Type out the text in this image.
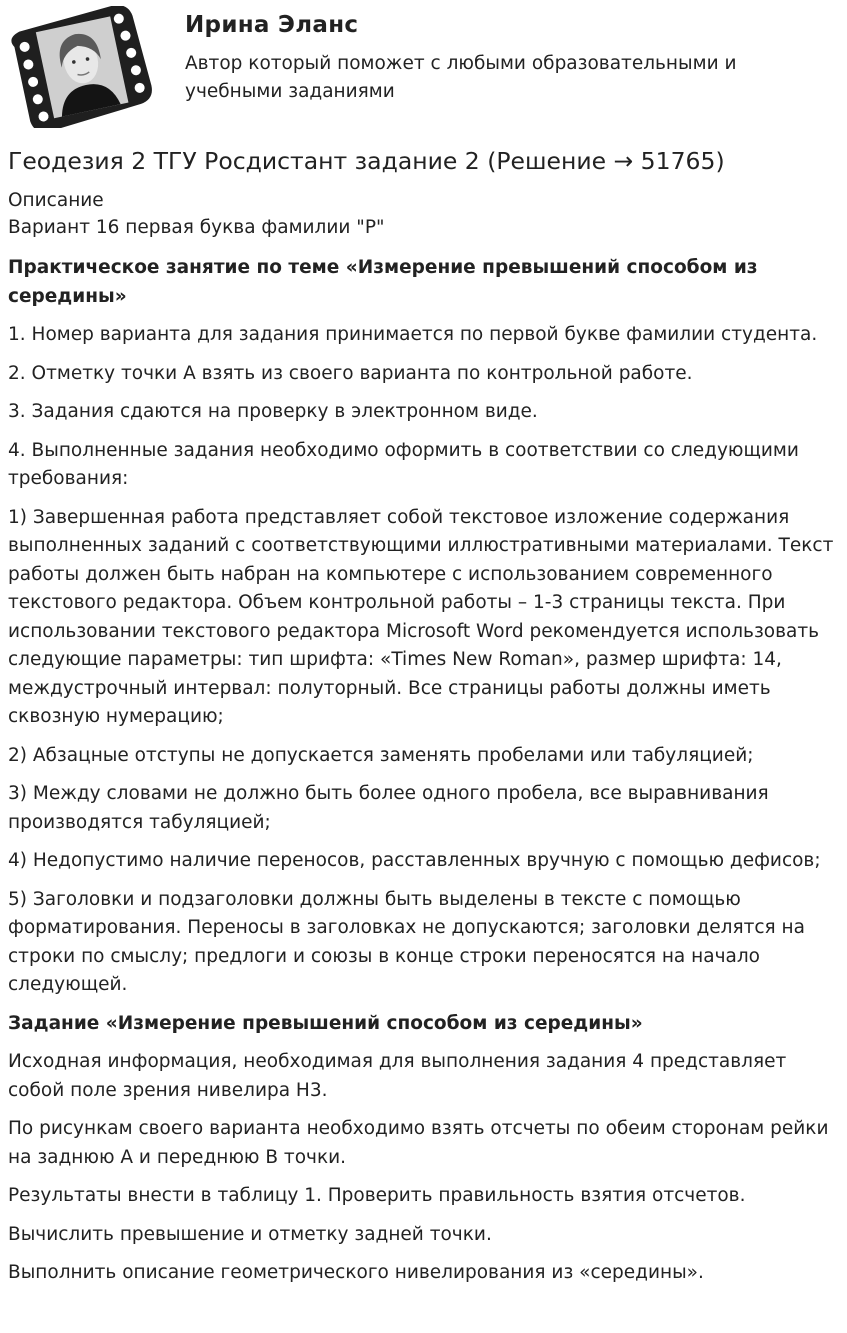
Ирина Эланс
Автор который поможет с любыми образовательными и учебными заданиями
Геодезия 2 ТГУ Росдистант задание 2 (Решение → 51765)
Описание
Вариант 16 первая буква фамилии "Р"

Практическое занятие по теме «Измерение превышений способом из середины»

1. Номер варианта для задания принимается по первой букве фамилии студента.

2. Отметку точки А взять из своего варианта по контрольной работе.

3. Задания сдаются на проверку в электронном виде.

4. Выполненные задания необходимо оформить в соответствии со следующими требования:

1) Завершенная работа представляет собой текстовое изложение содержания выполненных заданий с соответствующими иллюстративными материалами. Текст работы должен быть набран на компьютере с использованием современного текстового редактора. Объем контрольной работы – 1-3 страницы текста. При использовании текстового редактора Microsoft Word рекомендуется использовать следующие параметры: тип шрифта: «Times New Roman», размер шрифта: 14, междустрочный интервал: полуторный. Все страницы работы должны иметь сквозную нумерацию;

2) Абзацные отступы не допускается заменять пробелами или табуляцией;

3) Между словами не должно быть более одного пробела, все выравнивания производятся табуляцией;

4) Недопустимо наличие переносов, расставленных вручную с помощью дефисов;

5) Заголовки и подзаголовки должны быть выделены в тексте с помощью форматирования. Переносы в заголовках не допускаются; заголовки делятся на строки по смыслу; предлоги и союзы в конце строки переносятся на начало следующей.

Задание «Измерение превышений способом из середины»

Исходная информация, необходимая для выполнения задания 4 представляет собой поле зрения нивелира Н3.

По рисункам своего варианта необходимо взять отсчеты по обеим сторонам рейки на заднюю А и переднюю В точки.

Результаты внести в таблицу 1. Проверить правильность взятия отсчетов.

Вычислить превышение и отметку задней точки.

Выполнить описание геометрического нивелирования из «середины».
